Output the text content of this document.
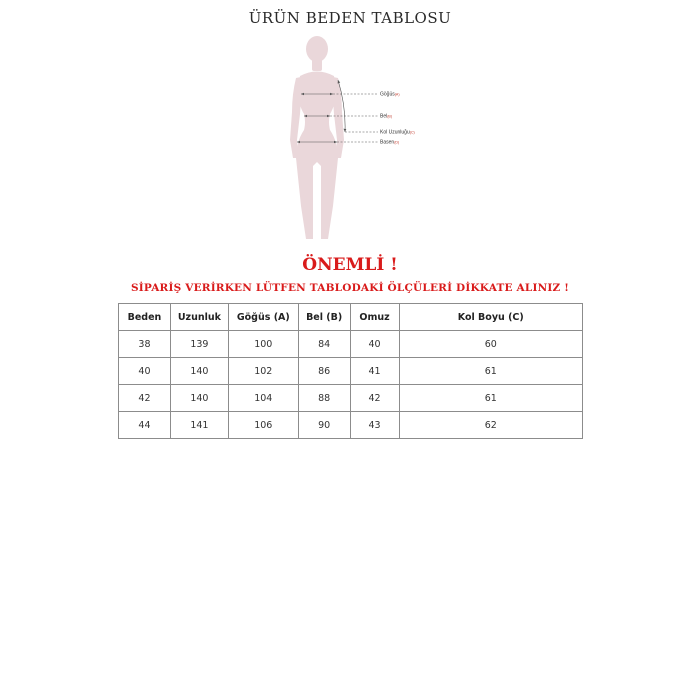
ÜRÜN BEDEN TABLOSU
Göğüs(A)
Bel(B)
Kol Uzunluğu(C)
Basen(D)
ÖNEMLİ !
SİPARİŞ VERİRKEN LÜTFEN TABLODAKİ ÖLÇÜLERİ DİKKATE ALINIZ !
Beden	Uzunluk	Göğüs (A)	Bel (B)	Omuz	Kol Boyu (C)
38	139	100	84	40	60
40	140	102	86	41	61
42	140	104	88	42	61
44	141	106	90	43	62
